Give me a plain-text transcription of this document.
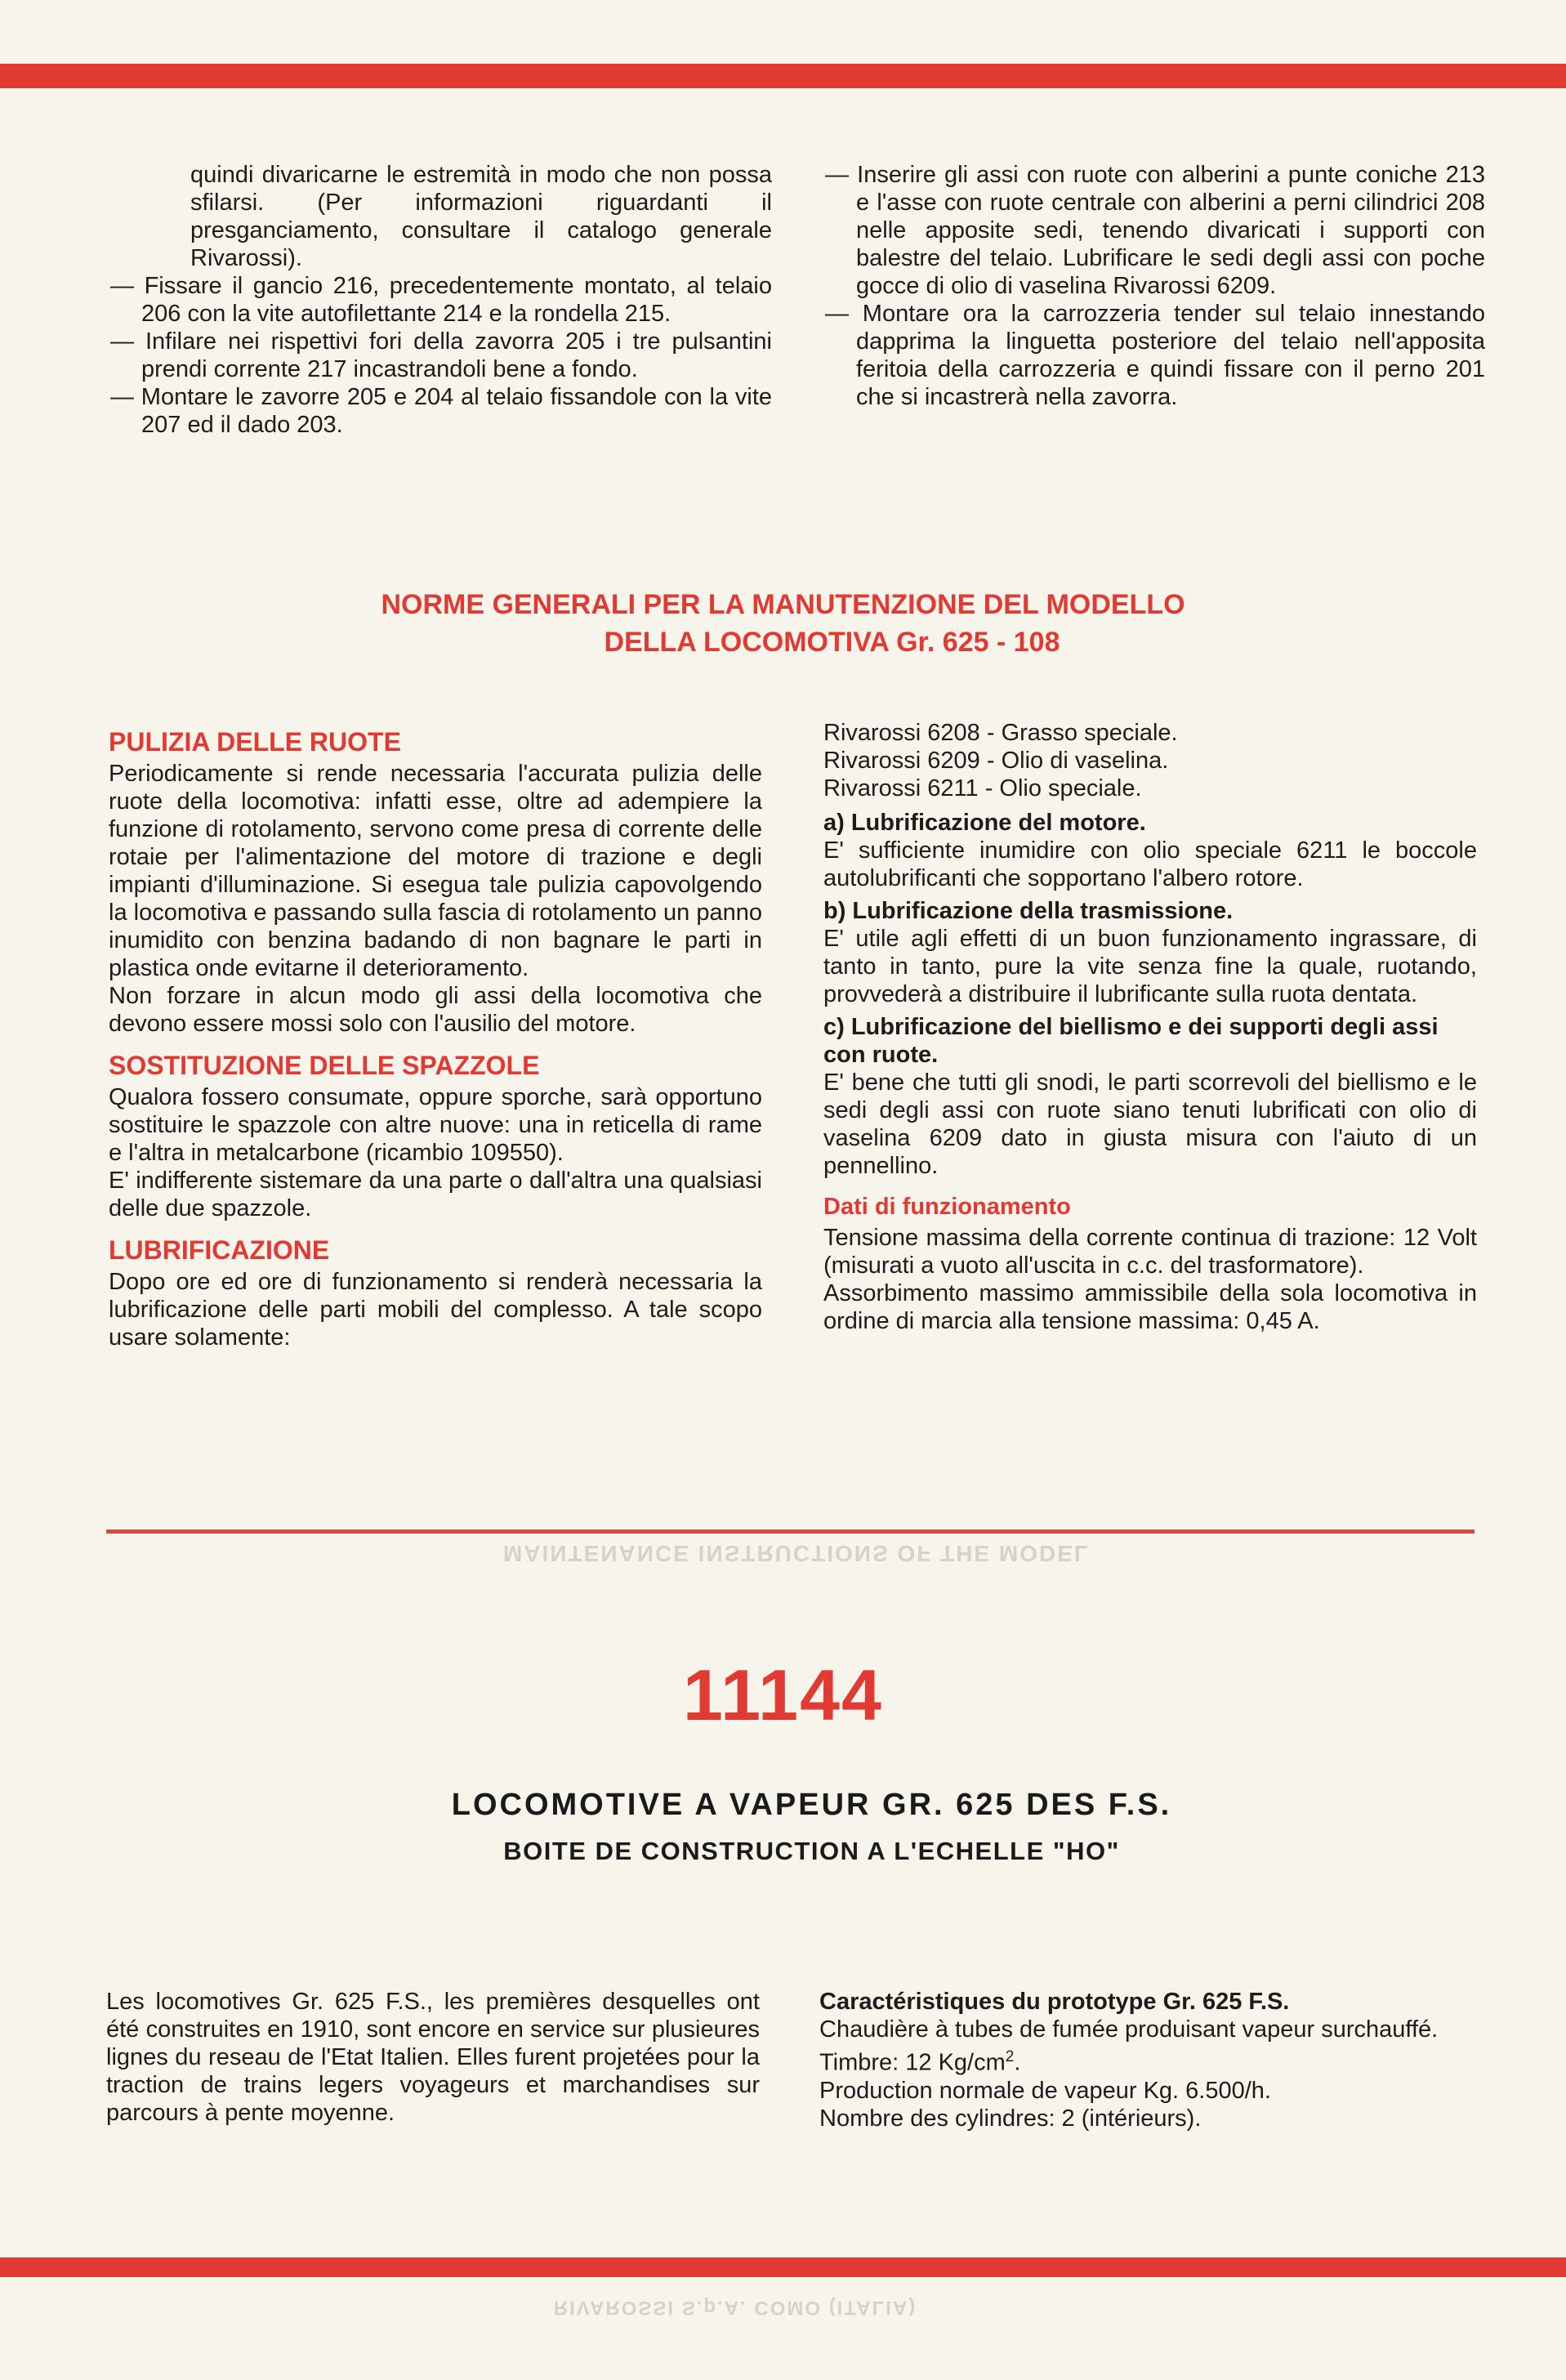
MAINTENANCE INSTRUCTIONS OF THE MODEL

quindi divaricarne le estremità in modo che non possa sfilarsi. (Per informazioni riguardanti il presganciamento, consultare il catalogo generale Rivarossi).

— Fissare il gancio 216, precedentemente montato, al telaio 206 con la vite autofilettante 214 e la rondella 215.
— Infilare nei rispettivi fori della zavorra 205 i tre pulsantini prendi corrente 217 incastrandoli bene a fondo.
— Montare le zavorre 205 e 204 al telaio fissandole con la vite 207 ed il dado 203.
— Inserire gli assi con ruote con alberini a punte coniche 213 e l'asse con ruote centrale con alberini a perni cilindrici 208 nelle apposite sedi, tenendo divaricati i supporti con balestre del telaio. Lubrificare le sedi degli assi con poche gocce di olio di vaselina Rivarossi 6209.
— Montare ora la carrozzeria tender sul telaio innestando dapprima la linguetta posteriore del telaio nell'apposita feritoia della carrozzeria e quindi fissare con il perno 201 che si incastrerà nella zavorra.
NORME GENERALI PER LA MANUTENZIONE DEL MODELLO
DELLA LOCOMOTIVA Gr. 625 - 108
PULIZIA DELLE RUOTE

Periodicamente si rende necessaria l'accurata pulizia delle ruote della locomotiva: infatti esse, oltre ad adempiere la funzione di rotolamento, servono come presa di corrente delle rotaie per l'alimentazione del motore di trazione e degli impianti d'illuminazione. Si esegua tale pulizia capovolgendo la locomotiva e passando sulla fascia di rotolamento un panno inumidito con benzina badando di non bagnare le parti in plastica onde evitarne il deterioramento.

Non forzare in alcun modo gli assi della locomotiva che devono essere mossi solo con l'ausilio del motore.

SOSTITUZIONE DELLE SPAZZOLE

Qualora fossero consumate, oppure sporche, sarà opportuno sostituire le spazzole con altre nuove: una in reticella di rame e l'altra in metalcarbone (ricambio 109550).

E' indifferente sistemare da una parte o dall'altra una qualsiasi delle due spazzole.

LUBRIFICAZIONE

Dopo ore ed ore di funzionamento si renderà necessaria la lubrificazione delle parti mobili del complesso. A tale scopo usare solamente:

Rivarossi 6208 - Grasso speciale.
Rivarossi 6209 - Olio di vaselina.
Rivarossi 6211 - Olio speciale.
a) Lubrificazione del motore.

E' sufficiente inumidire con olio speciale 6211 le boccole autolubrificanti che sopportano l'albero rotore.

b) Lubrificazione della trasmissione.

E' utile agli effetti di un buon funzionamento ingrassare, di tanto in tanto, pure la vite senza fine la quale, ruotando, provvederà a distribuire il lubrificante sulla ruota dentata.

c) Lubrificazione del biellismo e dei supporti degli assi con ruote.

E' bene che tutti gli snodi, le parti scorrevoli del biellismo e le sedi degli assi con ruote siano tenuti lubrificati con olio di vaselina 6209 dato in giusta misura con l'aiuto di un pennellino.

Dati di funzionamento

Tensione massima della corrente continua di trazione: 12 Volt (misurati a vuoto all'uscita in c.c. del trasformatore).

Assorbimento massimo ammissibile della sola locomotiva in ordine di marcia alla tensione massima: 0,45 A.

11144
LOCOMOTIVE A VAPEUR GR. 625 DES F.S.
BOITE DE CONSTRUCTION A L'ECHELLE "HO"

Les locomotives Gr. 625 F.S., les premières desquelles ont été construites en 1910, sont encore en service sur plusieures lignes du reseau de l'Etat Italien. Elles furent projetées pour la traction de trains legers voyageurs et marchandises sur parcours à pente moyenne.

Caractéristiques du prototype Gr. 625 F.S.

Chaudière à tubes de fumée produisant vapeur surchauffé.

Timbre: 12 $Kg/cm^2$.

Production normale de vapeur Kg. 6.500/h.

Nombre des cylindres: 2 (intérieurs).

RIVAROSSI S.p.A. COMO (ITALIA)
